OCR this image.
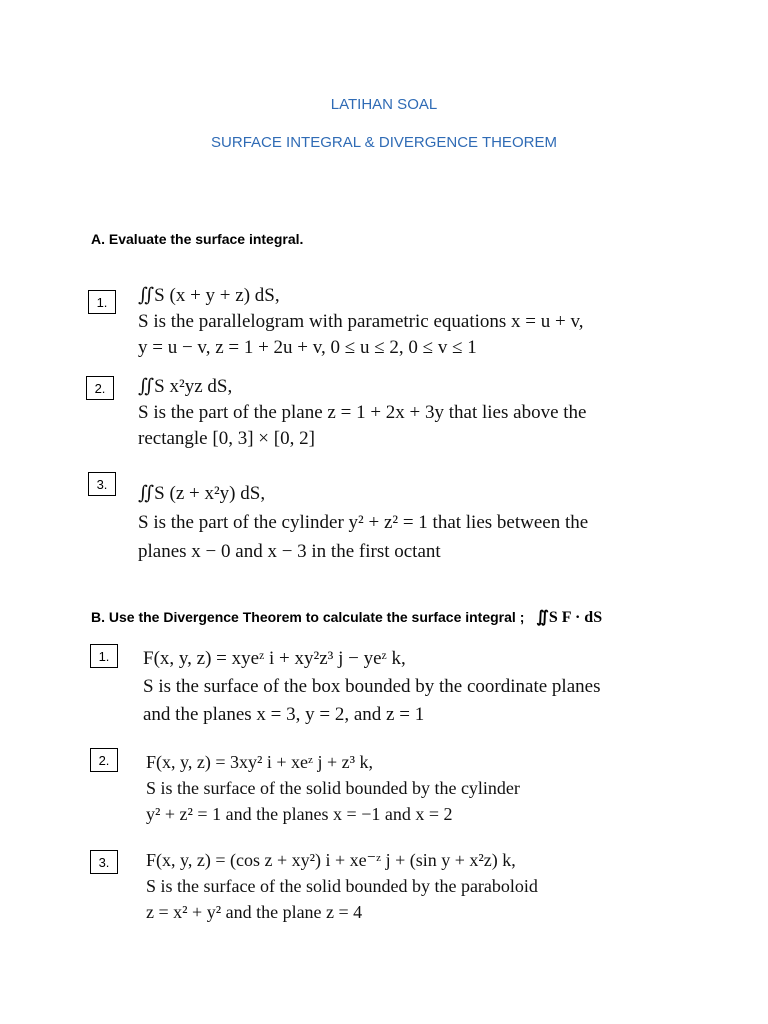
LATIHAN SOAL
SURFACE INTEGRAL & DIVERGENCE THEOREM
A. Evaluate the surface integral.
1.	∬S (x + y + z) dS,
S is the parallelogram with parametric equations x = u + v,
y = u − v, z = 1 + 2u + v, 0 ≤ u ≤ 2, 0 ≤ v ≤ 1
2.	∬S x²yz dS,
S is the part of the plane z = 1 + 2x + 3y that lies above the
rectangle [0, 3] × [0, 2]
3.	∬S (z + x²y) dS,
S is the part of the cylinder y² + z² = 1 that lies between the
planes x − 0 and x − 3 in the first octant
B. Use the Divergence Theorem to calculate the surface integral ; ∬S F · dS
1.	F(x, y, z) = xyeᶻ i + xy²z³ j − yeᶻ k,
S is the surface of the box bounded by the coordinate planes
and the planes x = 3, y = 2, and z = 1
2.	F(x, y, z) = 3xy² i + xeᶻ j + z³ k,
S is the surface of the solid bounded by the cylinder
y² + z² = 1 and the planes x = −1 and x = 2
3.	F(x, y, z) = (cos z + xy²) i + xe⁻ᶻ j + (sin y + x²z) k,
S is the surface of the solid bounded by the paraboloid
z = x² + y² and the plane z = 4
